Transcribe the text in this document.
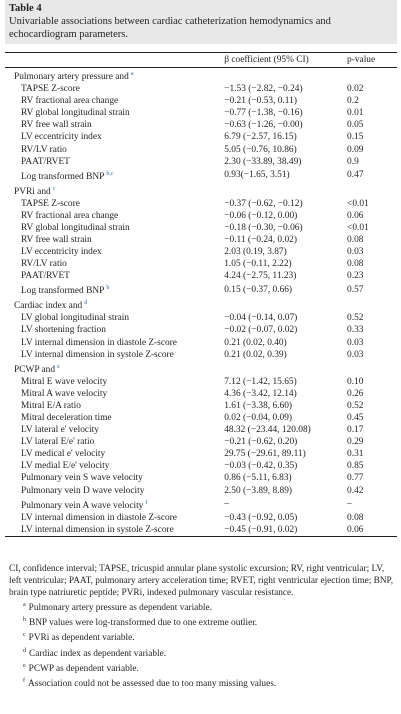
Table 4
Univariable associations between cardiac catheterization hemodynamics and echocardiogram parameters.
	β coefficient (95% CI)	p-value
Pulmonary artery pressure and $^a$		
TAPSE Z-score	−1.53 (−2.82, −0.24)	0.02
RV fractional area change	−0.21 (−0.53, 0.11)	0.2
RV global longitudinal strain	−0.77 (−1.38, −0.16)	0.01
RV free wall strain	−0.63 (−1.26, −0.00)	0.05
LV eccentricity index	6.79 (−2.57, 16.15)	0.15
RV/LV ratio	5.05 (−0.76, 10.86)	0.09
PAAT/RVET	2.30 (−33.89, 38.49)	0.9
Log transformed BNP $^{b,c}$	0.93(−1.65, 3.51)	0.47
PVRi and $^c$		
TAPSE Z-score	−0.37 (−0.62, −0.12)	<0.01
RV fractional area change	−0.06 (−0.12, 0.00)	0.06
RV global longitudinal strain	−0.18 (−0.30, −0.06)	<0.01
RV free wall strain	−0.11 (−0.24, 0.02)	0.08
LV eccentricity index	2.03 (0.19, 3.87)	0.03
RV/LV ratio	1.05 (−0.11, 2.22)	0.08
PAAT/RVET	4.24 (−2.75, 11.23)	0.23
Log transformed BNP $^b$	0.15 (−0.37, 0.66)	0.57
Cardiac index and $^d$		
LV global longitudinal strain	−0.04 (−0.14, 0.07)	0.52
LV shortening fraction	−0.02 (−0.07, 0.02)	0.33
LV internal dimension in diastole Z-score	0.21 (0.02, 0.40)	0.03
LV internal dimension in systole Z-score	0.21 (0.02, 0.39)	0.03
PCWP and $^e$		
Mitral E wave velocity	7.12 (−1.42, 15.65)	0.10
Mitral A wave velocity	4.36 (−3.42, 12.14)	0.26
Mitral E/A ratio	1.61 (−3.38, 6.60)	0.52
Mitral deceleration time	0.02 (−0.04, 0.09)	0.45
LV lateral e' velocity	48.32 (−23.44, 120.08)	0.17
LV lateral E/e' ratio	−0.21 (−0.62, 0.20)	0.29
LV medical e' velocity	29.75 (−29.61, 89.11)	0.31
LV medial E/e' velocity	−0.03 (−0.42, 0.35)	0.85
Pulmonary vein S wave velocity	0.86 (−5.11, 6.83)	0.77
Pulmonary vein D wave velocity	2.50 (−3.89, 8.89)	0.42
Pulmonary vein A wave velocity $^f$	–	–
LV internal dimension in diastole Z-score	−0.43 (−0.92, 0.05)	0.08
LV internal dimension in systole Z-score	−0.45 (−0.91, 0.02)	0.06
CI, confidence interval; TAPSE, tricuspid annular plane systolic excursion; RV, right ventricular; LV, left ventricular; PAAT, pulmonary artery acceleration time; RVET, right ventricular ejection time; BNP, brain type natriuretic peptide; PVRi, indexed pulmonary vascular resistance.
$^a$ Pulmonary artery pressure as dependent variable.
$^b$ BNP values were log-transformed due to one extreme outlier.
$^c$ PVRi as dependent variable.
$^d$ Cardiac index as dependent variable.
$^e$ PCWP as dependent variable.
$^f$ Association could not be assessed due to too many missing values.
